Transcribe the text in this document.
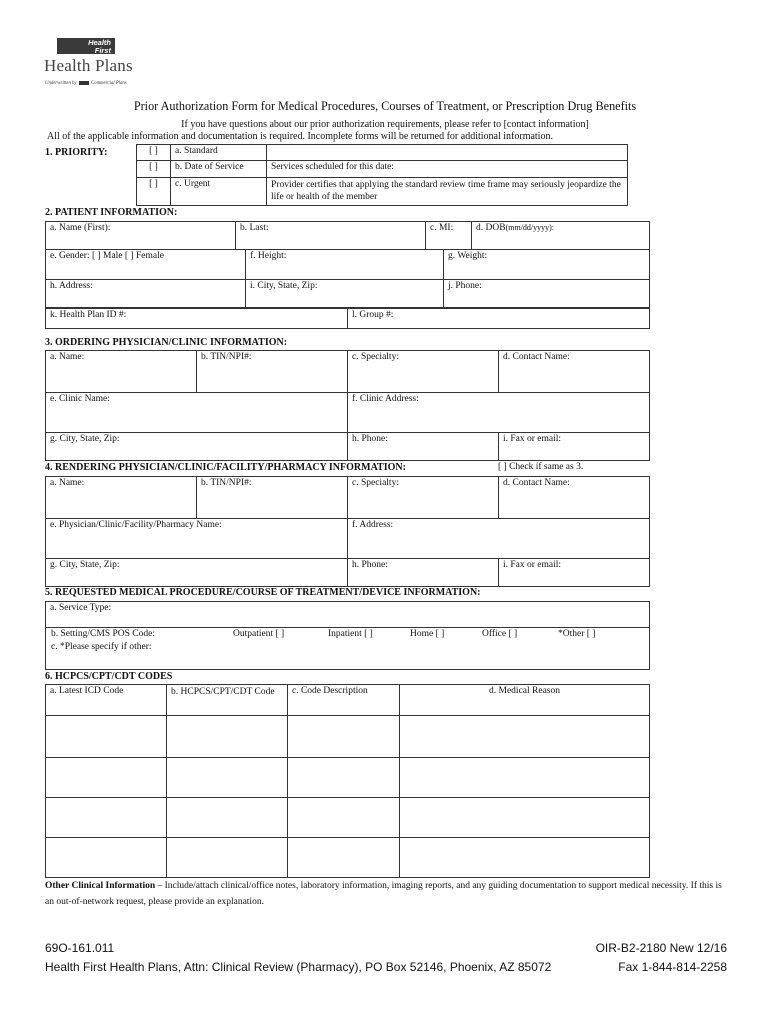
Health
First
Health Plans
Underwritten by	Commercial Plans
Prior Authorization Form for Medical Procedures, Courses of Treatment, or Prescription Drug Benefits
If you have questions about our prior authorization requirements, please refer to [contact information]
All of the applicable information and documentation is required. Incomplete forms will be returned for additional information.
1. PRIORITY:	[ ]	a. Standard	
[ ]	b. Date of Service	Services scheduled for this date:
[ ]	c. Urgent	Provider certifies that applying the standard review time frame may seriously jeopardize the life or health of the member
2. PATIENT INFORMATION:
a. Name (First):	b. Last:	c. MI:	d. DOB(mm/dd/yyyy):
e. Gender: [ ] Male [ ] Female	f. Height:	g. Weight:
h. Address:	i. City, State, Zip:	j. Phone:
k. Health Plan ID #:	l. Group #:
3. ORDERING PHYSICIAN/CLINIC INFORMATION:
a. Name:	b. TIN/NPI#:	c. Specialty:	d. Contact Name:
e. Clinic Name:		f. Clinic Address:	
g. City, State, Zip:		h. Phone:	i. Fax or email:
4. RENDERING PHYSICIAN/CLINIC/FACILITY/PHARMACY INFORMATION:	[ ] Check if same as 3.
a. Name:	b. TIN/NPI#:	c. Specialty:	d. Contact Name:
e. Physician/Clinic/Facility/Pharmacy Name:		f. Address:	
g. City, State, Zip:		h. Phone:	i. Fax or email:
5. REQUESTED MEDICAL PROCEDURE/COURSE OF TREATMENT/DEVICE INFORMATION:
a. Service Type:

b. Setting/CMS POS Code:	Outpatient [ ]	Inpatient [ ]	Home [ ]	Office [ ]	*Other [ ]
c. *Please specify if other:
6. HCPCS/CPT/CDT CODES
a. Latest ICD Code	b. HCPCS/CPT/CDT Code	c. Code Description	d. Medical Reason

Other Clinical Information – Include/attach clinical/office notes, laboratory information, imaging reports, and any guiding documentation to support medical necessity. If this is an out-of-network request, please provide an explanation.
69O-161.011
Health First Health Plans, Attn: Clinical Review (Pharmacy), PO Box 52146, Phoenix, AZ 85072
OIR-B2-2180 New 12/16
Fax 1-844-814-2258
